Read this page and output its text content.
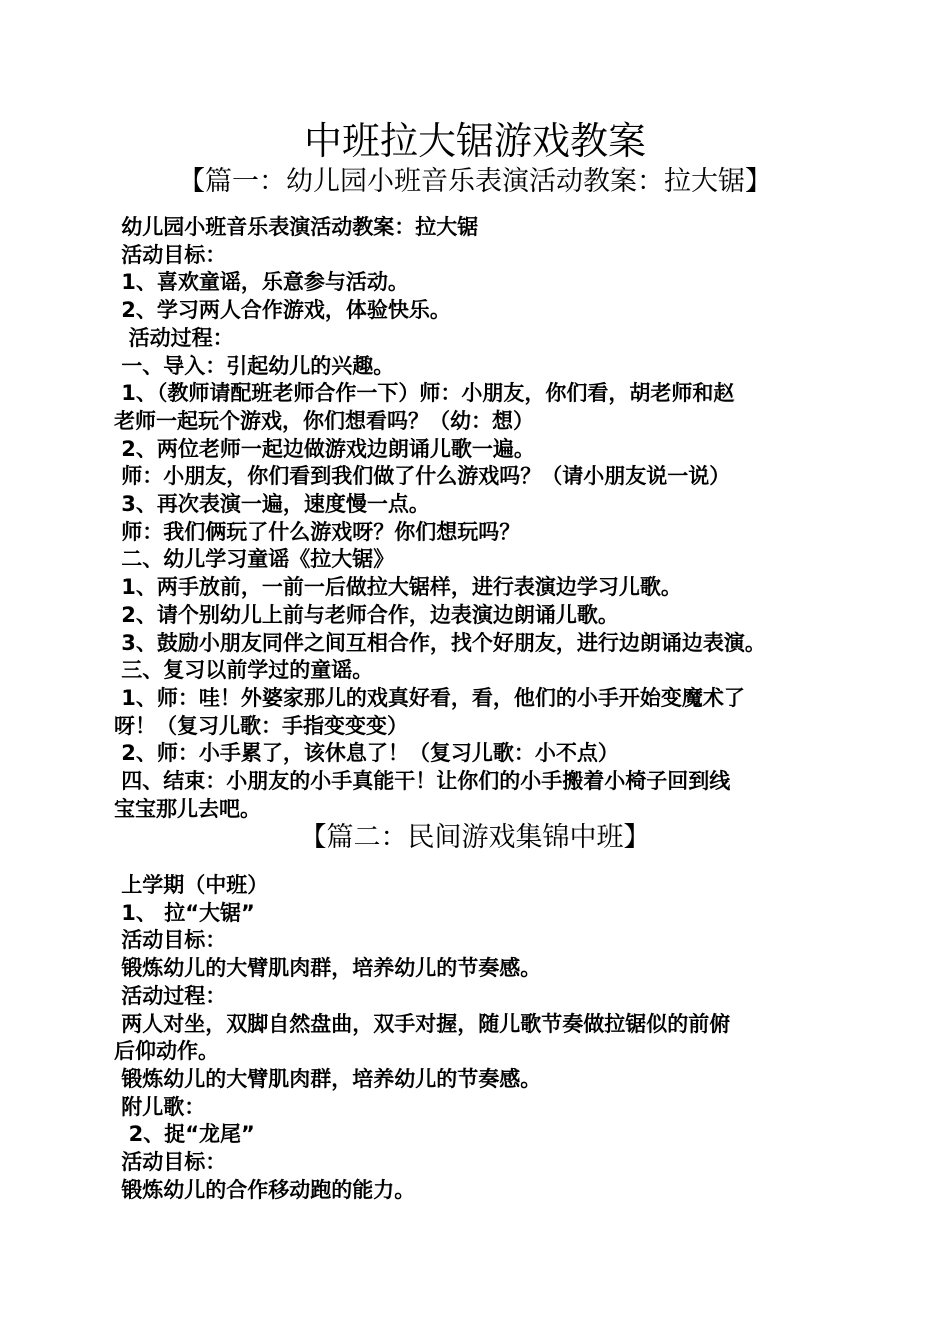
中班拉大锯游戏教案
【篇一：幼儿园小班音乐表演活动教案：拉大锯】
幼儿园小班音乐表演活动教案：拉大锯
活动目标：
1、喜欢童谣，乐意参与活动。
2、学习两人合作游戏，体验快乐。
活动过程：
一、导入：引起幼儿的兴趣。
1、（教师请配班老师合作一下）师：小朋友，你们看，胡老师和赵
老师一起玩个游戏，你们想看吗？（幼：想）
2、两位老师一起边做游戏边朗诵儿歌一遍。
师：小朋友，你们看到我们做了什么游戏吗？（请小朋友说一说）
3、再次表演一遍，速度慢一点。
师：我们俩玩了什么游戏呀？你们想玩吗？
二、幼儿学习童谣《拉大锯》
1、两手放前，一前一后做拉大锯样，进行表演边学习儿歌。
2、请个别幼儿上前与老师合作，边表演边朗诵儿歌。
3、鼓励小朋友同伴之间互相合作，找个好朋友，进行边朗诵边表演。
三、复习以前学过的童谣。
1、师：哇！外婆家那儿的戏真好看，看，他们的小手开始变魔术了
呀！（复习儿歌：手指变变变）
2、师：小手累了，该休息了！（复习儿歌：小不点）
四、结束：小朋友的小手真能干！让你们的小手搬着小椅子回到线
宝宝那儿去吧。
【篇二：民间游戏集锦中班】
上学期（中班）
1、 拉“大锯”
活动目标：
锻炼幼儿的大臂肌肉群，培养幼儿的节奏感。
活动过程：
两人对坐，双脚自然盘曲，双手对握，随儿歌节奏做拉锯似的前俯
后仰动作。
锻炼幼儿的大臂肌肉群，培养幼儿的节奏感。
附儿歌：
2、捉“龙尾”
活动目标：
锻炼幼儿的合作移动跑的能力。
